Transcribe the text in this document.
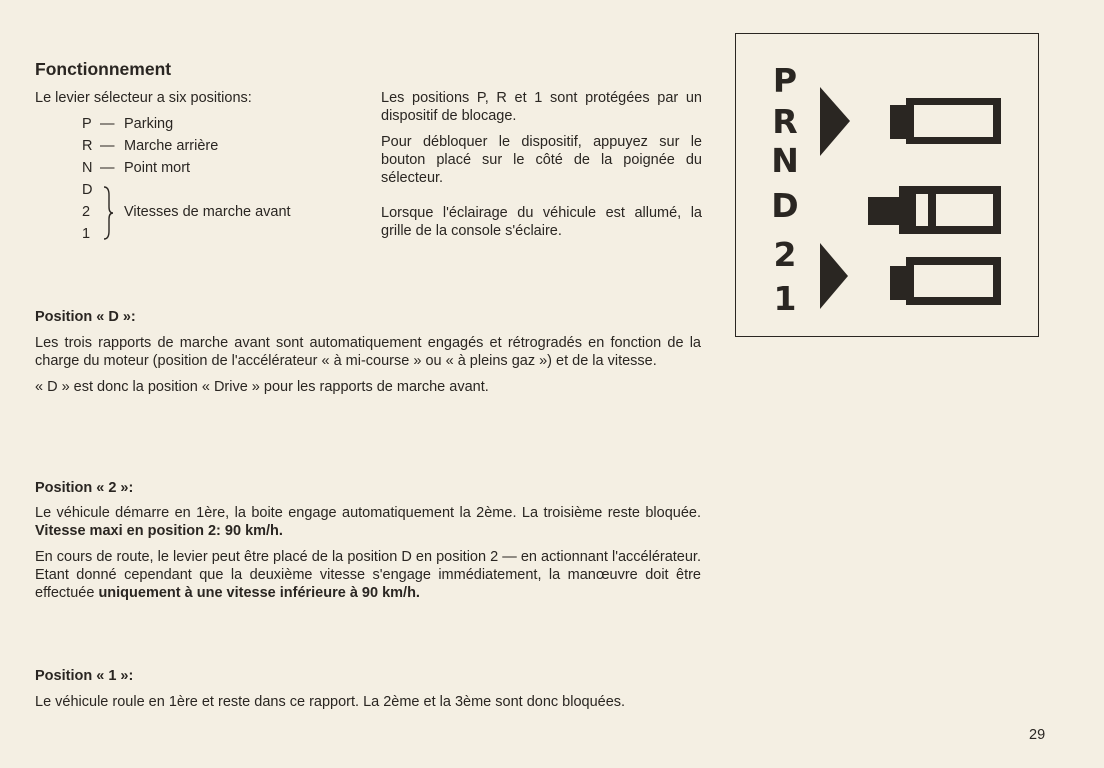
Fonctionnement
Le levier sélecteur a six positions:
P — Parking
R — Marche arrière
N — Point mort
D
2
1
Vitesses de marche avant

Les positions P, R et 1 sont protégées par un dispositif de blocage.

Pour débloquer le dispositif, appuyez sur le bouton placé sur le côté de la poignée du sélecteur.

Lorsque l'éclairage du véhicule est allumé, la grille de la console s'éclaire.

P
R
N
D
2
1
Position « D »:

Les trois rapports de marche avant sont automatiquement engagés et rétrogradés en fonction de la charge du moteur (position de l'accélérateur « à mi-course » ou « à pleins gaz ») et de la vitesse.

« D » est donc la position « Drive » pour les rapports de marche avant.

Position « 2 »:

Le véhicule démarre en 1ère, la boite engage automatiquement la 2ème. La troisième reste bloquée. Vitesse maxi en position 2: 90 km/h.

En cours de route, le levier peut être placé de la position D en position 2 — en actionnant l'accélérateur. Etant donné cependant que la deuxième vitesse s'engage immédiatement, la manœuvre doit être effectuée uniquement à une vitesse inférieure à 90 km/h.

Position « 1 »:

Le véhicule roule en 1ère et reste dans ce rapport. La 2ème et la 3ème sont donc bloquées.

29
